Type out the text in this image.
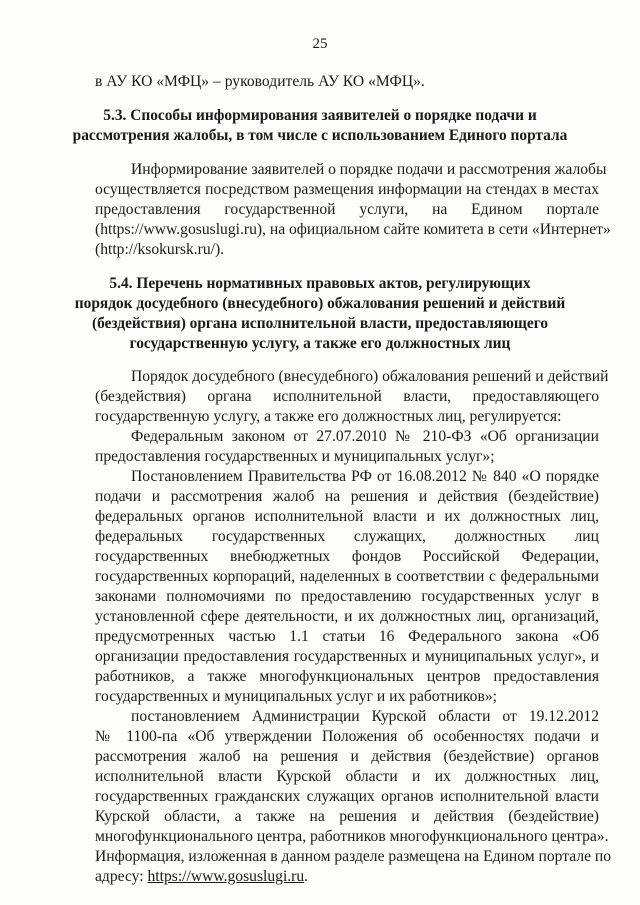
25
в АУ КО «МФЦ» – руководитель АУ КО «МФЦ».
5.3. Способы информирования заявителей о порядке подачи и
рассмотрения жалобы, в том числе с использованием Единого портала
Информирование заявителей о порядке подачи и рассмотрения жалобы
осуществляется посредством размещения информации на стендах в местах
предоставления государственной услуги, на Едином портале
(https://www.gosuslugi.ru), на официальном сайте комитета в сети «Интернет»
(http://ksokursk.ru/).
5.4. Перечень нормативных правовых актов, регулирующих
порядок досудебного (внесудебного) обжалования решений и действий
(бездействия) органа исполнительной власти, предоставляющего
государственную услугу, а также его должностных лиц
Порядок досудебного (внесудебного) обжалования решений и действий
(бездействия) органа исполнительной власти, предоставляющего
государственную услугу, а также его должностных лиц, регулируется:
Федеральным законом от 27.07.2010 № 210-ФЗ «Об организации
предоставления государственных и муниципальных услуг»;
Постановлением Правительства РФ от 16.08.2012 № 840 «О порядке
подачи и рассмотрения жалоб на решения и действия (бездействие)
федеральных органов исполнительной власти и их должностных лиц,
федеральных государственных служащих, должностных лиц
государственных внебюджетных фондов Российской Федерации,
государственных корпораций, наделенных в соответствии с федеральными
законами полномочиями по предоставлению государственных услуг в
установленной сфере деятельности, и их должностных лиц, организаций,
предусмотренных частью 1.1 статьи 16 Федерального закона «Об
организации предоставления государственных и муниципальных услуг», и
работников, а также многофункциональных центров предоставления
государственных и муниципальных услуг и их работников»;
постановлением Администрации Курской области от 19.12.2012
№ 1100-па «Об утверждении Положения об особенностях подачи и
рассмотрения жалоб на решения и действия (бездействие) органов
исполнительной власти Курской области и их должностных лиц,
государственных гражданских служащих органов исполнительной власти
Курской области, а также на решения и действия (бездействие)
многофункционального центра, работников многофункционального центра».
Информация, изложенная в данном разделе размещена на Едином портале по
адресу: https://www.gosuslugi.ru.
